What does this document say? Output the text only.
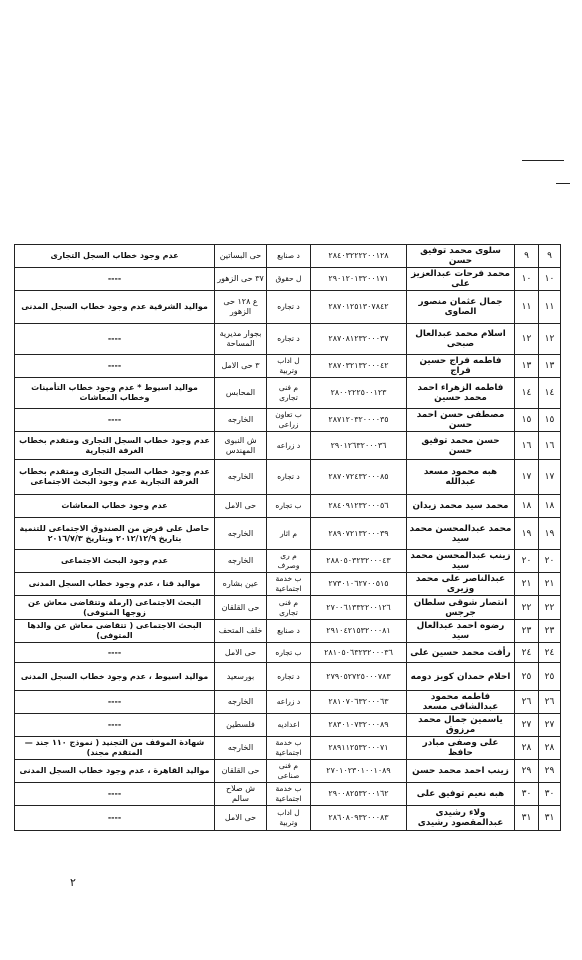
٩	٩	سلوى محمد توفيق حسن	٢٨٤٠٣٢٢٢٢٠٠١٢٨	د صنايع	حى البساتين	عدم وجود خطاب السجل التجارى
١٠	١٠	محمد فرحات عبدالعزيز على	٢٩٠١٢٠١٣٢٠٠١٧١	ل حقوق	٣٧ حى الزهور	----
١١	١١	جمال عثمان منصور الصاوى	٢٨٧٠١٢٥١٣٠٧٨٤٢	د تجاره	ع ١٢٨ حى الزهور	مواليد الشرقية عدم وجود خطاب السجل المدنى
١٢	١٢	اسلام محمد عبدالعال صبحى	٢٨٧٠٨١٢٣٢٠٠٠٣٧	د تجاره	بجوار مديرية المساحة	----
١٣	١٣	فاطمه فراج حسين فراج	٢٨٧٠٣٢١٣٢٠٠٠٤٢	ل اداب وتربية	٣ حى الامل	----
١٤	١٤	فاطمه الزهراء احمد محمد حسين	٢٨٠٠٢٢٢٥٠٠١٢٣	م فنى تجارى	المحابس	مواليد اسيوط * عدم وجود خطاب التأمينات وخطاب المعاشات
١٥	١٥	مصطفى حسن احمد حسن	٢٨٧١٢٠٣٢٠٠٠٠٣٥	ب تعاون زراعى	الخارجه	----
١٦	١٦	حسن محمد توفيق حسن	٢٩٠١٢٦٣٢٠٠٠٣٦	د زراعه	ش النبوى المهندس	عدم وجود خطاب السجل التجارى ومتقدم بخطاب الغرفة التجارية
١٧	١٧	هبه محمود مسعد عبدالله	٢٨٧٠٧٢٤٣٢٠٠٠٨٥	د تجاره	الخارجه	عدم وجود خطاب السجل التجارى ومتقدم بخطاب الغرفة التجارية عدم وجود البحث الاجتماعى
١٨	١٨	محمد سيد محمد زيدان	٢٨٤٠٩١٢٣٢٠٠٠٥٦	ب تجاره	حى الامل	عدم وجود خطاب المعاشات
١٩	١٩	محمد عبدالمحسن محمد سيد	٢٨٩٠٧٢١٣٢٠٠٠٣٩	م اثار	الخارجه	حاصل على قرض من الصندوق الاجتماعى للتنمية بتاريخ ٢٠١٢/١٢/٩ وبتاريخ ٢٠١٦/٧/٣
٢٠	٢٠	زينب عبدالمحسن محمد سيد	٢٨٨٠٥٠٣٢٣٢٠٠٠٤٣	م رى وصرف	الخارجه	عدم وجود البحث الاجتماعى
٢١	٢١	عبدالناصر على محمد وزيرى	٢٧٣٠١٠٦٢٧٠٠٥١٥	ب خدمة اجتماعية	عين بشاره	مواليد قنا ، عدم وجود خطاب السجل المدنى
٢٢	٢٢	انتصار شوقى سلطان جرجس	٢٧٠٠٦١٣٣٢٢٠٠١٢٦	م فنى تجارى	حى القلقان	البحث الاجتماعى (ارملة وتتقاضى معاش عن زوجها المتوفى)
٢٣	٢٣	رضوه احمد عبدالعال سيد	٢٩١٠٤٢١٥٣٢٠٠٠٨١	د صنايع	خلف المتحف	البحث الاجتماعى ( تتقاضى معاش عن والدها المتوفى)
٢٤	٢٤	رأفت محمد حسين على	٢٨١٠٥٠٦٣٢٣٢٠٠٠٣٦	ب تجاره	حى الامل	----
٢٥	٢٥	احلام حمدان كويز دومه	٢٧٩٠٥٢٧٢٥٠٠٠٧٨٣	د تجاره	بورسعيد	مواليد اسيوط ، عدم وجود خطاب السجل المدنى
٢٦	٢٦	فاطمه محمود عبدالشافى مسعد	٢٨١٠٧٠٦٣٢٠٠٠٦٣	د زراعه	الخارجه	----
٢٧	٢٧	ياسمين جمال محمد مرزوق	٢٨٣٠١٠٧٣٢٠٠٠٨٩	اعداديه	فلسطين	----
٢٨	٢٨	على وصفى مبادر حافظ	٢٨٩١١٢٥٣٢٠٠٠٧١	ب خدمة اجتماعية	الخارجه	شهادة الموقف من التجنيد ( نموذج ١١٠ جند — المتقدم مجند)
٢٩	٢٩	زينب احمد محمد حسن	٢٧٠١٠٢٣٠١٠٠١٠٨٩	م فنى صناعى	حى القلقان	مواليد القاهرة ، عدم وجود خطاب السجل المدنى
٣٠	٣٠	هبه نعيم توفيق على	٢٩٠٠٨٢٥٣٢٠٠١٦٢	ب خدمة اجتماعية	ش صلاح سالم	----
٣١	٣١	ولاء رشيدى عبدالمقصود رشيدى	٢٨٦٠٨٠٩٣٢٠٠٠٨٣	ل اداب وتربية	حى الامل	----
٢
